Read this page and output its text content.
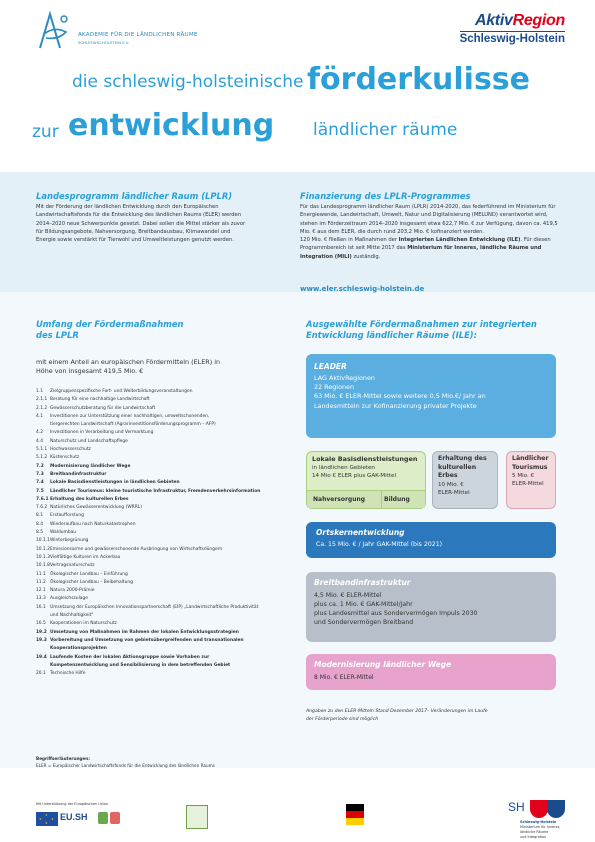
AKADEMIE FÜR DIE LÄNDLICHEN RÄUME
SCHLESWIG-HOLSTEIN E.V.
AktivRegion
Schleswig-Holstein
die schleswig-holsteinische förderkulisse
zur entwicklung ländlicher räume
Landesprogramm ländlicher Raum (LPLR)
Mit der Förderung der ländlichen Entwicklung durch den Europäischen Landwirtschaftsfonds für die Entwicklung des ländlichen Raums (ELER) werden 2014–2020 neue Schwerpunkte gesetzt. Dabei sollen die Mittel stärker als zuvor für Bildungsangebote, Nahversorgung, Breitbandausbau, Klimawandel und Energie sowie verstärkt für Tierwohl und Umweltleistungen genutzt werden.
Finanzierung des LPLR-Programmes
Für das Landesprogramm ländlicher Raum (LPLR) 2014-2020, das federführend im Ministerium für Energiewende, Landwirtschaft, Umwelt, Natur und Digitalisierung (MELUND) verantwortet wird, stehen im Förderzeitraum 2014–2020 insgesamt etwa 622,7 Mio. € zur Verfügung, davon ca. 419,5 Mio. € aus dem ELER, die durch rund 203,2 Mio. € kofinanziert werden.
120 Mio. € fließen in Maßnahmen der Integrierten Ländlichen Entwicklung (ILE). Für diesen Programmbereich ist seit Mitte 2017 das Ministerium für Inneres, ländliche Räume und Integration (MILI) zuständig.
www.eler.schleswig-holstein.de
Umfang der Fördermaßnahmen
des LPLR
mit einem Anteil an europäischen Fördermitteln (ELER) in
Höhe von insgesamt 419,5 Mio. €
1.1	Zielgruppenspezifische Fort- und Weiterbildungsveranstaltungen
2.1.1 Beratung für eine nachhaltige Landwirtschaft
2.1.2 Gewässerschutzberatung für die Landwirtschaft
4.1	Investitionen zur Unterstützung einer nachhaltigen, umweltschonenden,
tiergerechten Landwirtschaft (Agrarinvestitionsförderungsprogramm – AFP)
4.2	Investitionen in Verarbeitung und Vermarktung
4.4	Naturschutz und Landschaftspflege
5.1.1 Hochwasserschutz
5.1.2 Küstenschutz
7.2	Modernisierung ländlicher Wege
7.3	Breitbandinfrastruktur
7.4	Lokale Basisdienstleistungen in ländlichen Gebieten
7.5	Ländlicher Tourismus: kleine touristische Infrastruktur, Fremdenverkehrsinformation
7.6.1 Erhaltung des kulturellen Erbes
7.6.2 Natürliches Gewässerentwicklung (WRRL)
8.1	Erstaufforstung
8.4	Wiederaufbau nach Naturkatastrophen
8.5	Waldumbau
10.1.1 Winterbegrünung
10.1.2 Emissionsarme und gewässerschonende Ausbringung von Wirtschaftsdüngern
10.1.3 Vielfältige Kulturen im Ackerbau
10.1.8 Vertragsnaturschutz
11.1 Ökologischer Landbau – Einführung
11.2 Ökologischer Landbau – Beibehaltung
12.1 Natura 2000-Prämie
13.3 Ausgleichszulage
16.1 Umsetzung der Europäischen Innovationspartnerschaft (EIP) „Landwirtschaftliche Produktivität
und Nachhaltigkeit"
16.5 Kooperationen im Naturschutz
19.2 Umsetzung von Maßnahmen im Rahmen der lokalen Entwicklungsstrategien
19.3 Vorbereitung und Umsetzung von gebietsübergreifenden und transnationalen
Kooperationsprojekten
19.4 Laufende Kosten der lokalen Aktionsgruppe sowie Vorhaben zur
Kompetenzentwicklung und Sensibilisierung in dem betreffenden Gebiet
20.1 Technische Hilfe
Ausgewählte Fördermaßnahmen zur integrierten
Entwicklung ländlicher Räume (ILE):
LEADER
LAG AktivRegionen
22 Regionen
63 Mio. € ELER-Mittel sowie weitere 0,5 Mio.€/ Jahr an
Landesmitteln zur Kofinanzierung privater Projekte
Lokale Basisdienstleistungen
in ländlichen Gebieten
14 Mio € ELER plus GAK-Mittel
Nahversorgung	Bildung
Erhaltung des
kulturellen
Erbes
10 Mio. €
ELER-Mittel
Ländlicher
Tourismus
5 Mio. €
ELER-Mittel
Ortskernentwicklung
Ca. 15 Mio. € / Jahr GAK-Mittel (bis 2021)
Breitbandinfrastruktur
4,5 Mio. € ELER-Mittel
plus ca. 1 Mio. € GAK-Mittel/Jahr
plus Landesmittel aus Sondervermögen Impuls 2030
und Sondervermögen Breitband
Modernisierung ländlicher Wege
8 Mio. € ELER-Mittel
Angaben zu den ELER-Mitteln Stand Dezember 2017– Veränderungen im Laufe
der Förderperiode sind möglich
Begriffserläuterungen:
ELER = Europäischer Landwirtschaftsfonds für die Entwicklung des ländlichen Raums

Mit Unterstützung der Europäischen Union
★
★	★
★
EU.SH
SH
Schleswig-Holstein
Ministerium für Inneres,
ländliche Räume
und Integration
